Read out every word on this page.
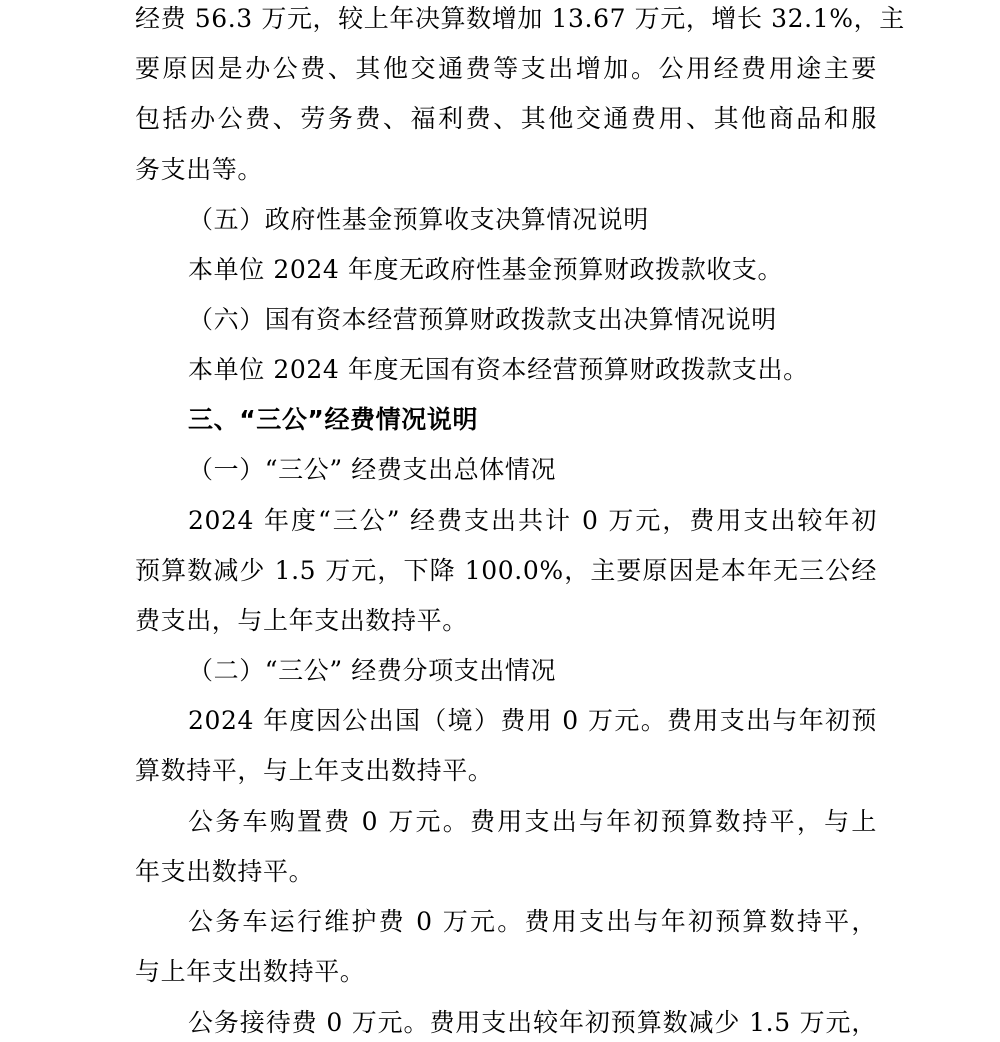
经费 56.3 万元，较上年决算数增加 13.67 万元，增长 32.1%，主
要原因是办公费、其他交通费等支出增加。公用经费用途主要
包括办公费、劳务费、福利费、其他交通费用、其他商品和服
务支出等。
（五）政府性基金预算收支决算情况说明
本单位 2024 年度无政府性基金预算财政拨款收支。
（六）国有资本经营预算财政拨款支出决算情况说明
本单位 2024 年度无国有资本经营预算财政拨款支出。
三、“三公”经费情况说明
（一）“三公” 经费支出总体情况
2024 年度“三公” 经费支出共计 0 万元，费用支出较年初
预算数减少 1.5 万元，下降 100.0%，主要原因是本年无三公经
费支出，与上年支出数持平。
（二）“三公” 经费分项支出情况
2024 年度因公出国（境）费用 0 万元。费用支出与年初预
算数持平，与上年支出数持平。
公务车购置费 0 万元。费用支出与年初预算数持平，与上
年支出数持平。
公务车运行维护费 0 万元。费用支出与年初预算数持平，
与上年支出数持平。
公务接待费 0 万元。费用支出较年初预算数减少 1.5 万元，
